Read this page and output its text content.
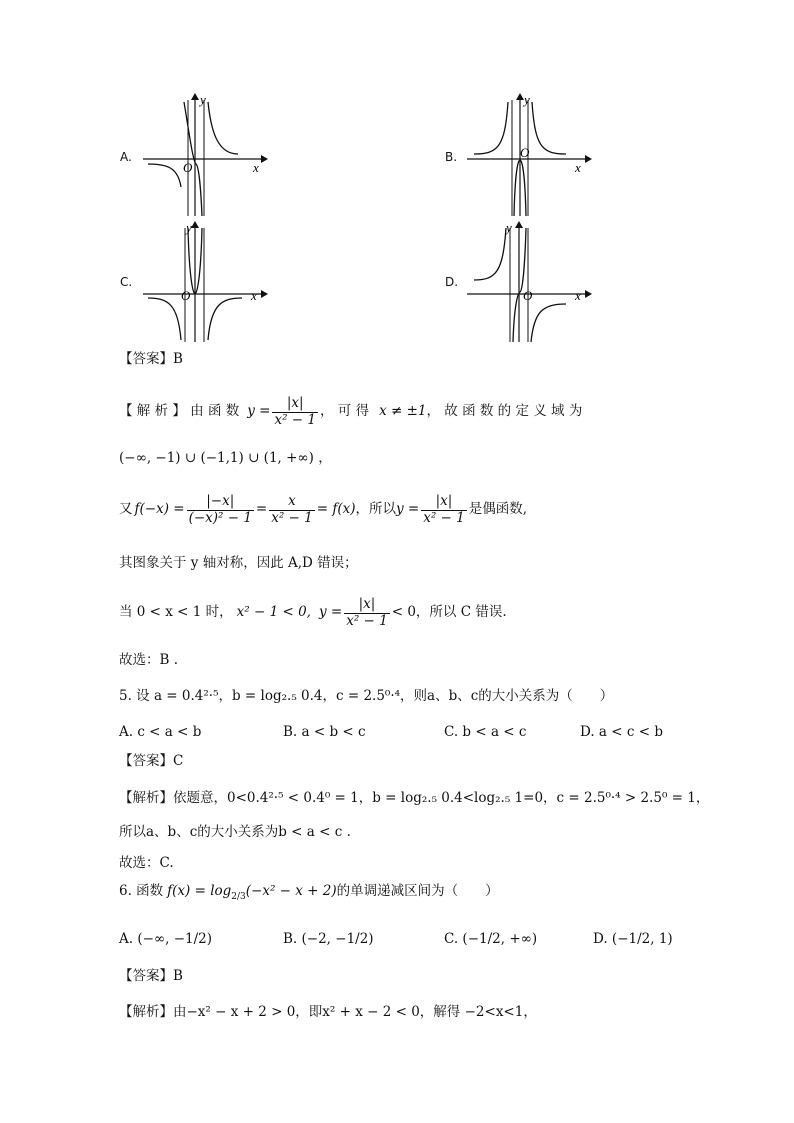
A.
y
x
O
B.
y
x
O
C.
y
x
O
D.
y
x
O
【答案】B
【 解 析 】 由 函 数 $y = \frac{|x|}{\text{x² − 1}}$ ， 可 得 x ≠ ±1 ， 故 函 数 的 定 义 域 为
(−∞, −1) ∪ (−1,1) ∪ (1, +∞) ，
又 $f(-x) = \frac{|-x|}{\text{(−x)² − 1}} = \frac{x}{\text{x² − 1}} = f(x)$ ，所以 $y = \frac{|x|}{\text{x² − 1}}$ 是偶函数,
其图象关于 y 轴对称，因此 A,D 错误；
当 0 < x < 1 时， x² − 1 < 0, $y = \frac{|x|}{\text{x² − 1}} < 0$ ，所以 C 错误.
故选：B .
5. 设 a = 0.4²·⁵，b = log₂.₅ 0.4，c = 2.5⁰·⁴，则a、b、c的大小关系为（　　）
A. c < a < b	B. a < b < c	C. b < a < c	D. a < c < b
【答案】C
【解析】依题意，0<0.4²·⁵ < 0.4⁰ = 1，b = log₂.₅ 0.4<log₂.₅ 1=0，c = 2.5⁰·⁴ > 2.5⁰ = 1，
所以a、b、c的大小关系为b < a < c .
故选：C.
6. 函数 f(x) = log 2/3 (−x² − x + 2) 的单调递减区间为（　　）
A. (−∞, −1/2)	B. (−2, −1/2)	C. (−1/2, +∞)	D. (−1/2, 1)
【答案】B
【解析】由−x² − x + 2 > 0，即x² + x − 2 < 0，解得 −2<x<1，
